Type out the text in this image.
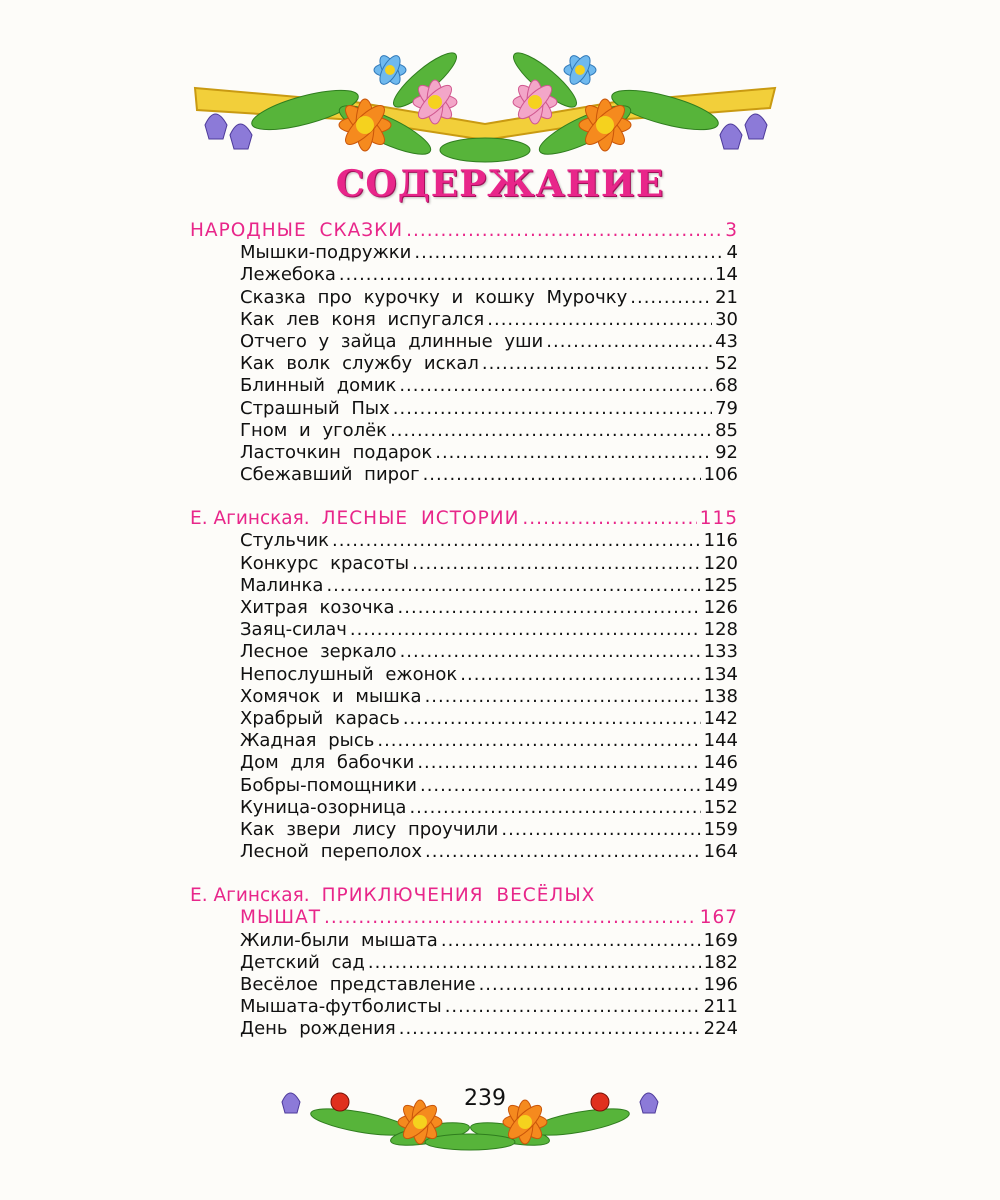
СОДЕРЖАНИЕ
НАРОДНЫЕ СКАЗКИ .....	3
Мышки-подружки .....	4
Лежебока .....	14
Сказка про курочку и кошку Мурочку .....	21
Как лев коня испугался .....	30
Отчего у зайца длинные уши .....	43
Как волк службу искал .....	52
Блинный домик .....	68
Страшный Пых .....	79
Гном и уголёк .....	85
Ласточкин подарок .....	92
Сбежавший пирог .....	106
Е. Агинская. ЛЕСНЫЕ ИСТОРИИ .....	115
Стульчик .....	116
Конкурс красоты .....	120
Малинка .....	125
Хитрая козочка .....	126
Заяц-силач .....	128
Лесное зеркало .....	133
Непослушный ежонок .....	134
Хомячок и мышка .....	138
Храбрый карась .....	142
Жадная рысь .....	144
Дом для бабочки .....	146
Бобры-помощники .....	149
Куница-озорница .....	152
Как звери лису проучили .....	159
Лесной переполох .....	164
Е. Агинская. ПРИКЛЮЧЕНИЯ ВЕСЁЛЫХ
МЫШАТ .....	167
Жили-были мышата .....	169
Детский сад .....	182
Весёлое представление .....	196
Мышата-футболисты .....	211
День рождения .....	224
239
